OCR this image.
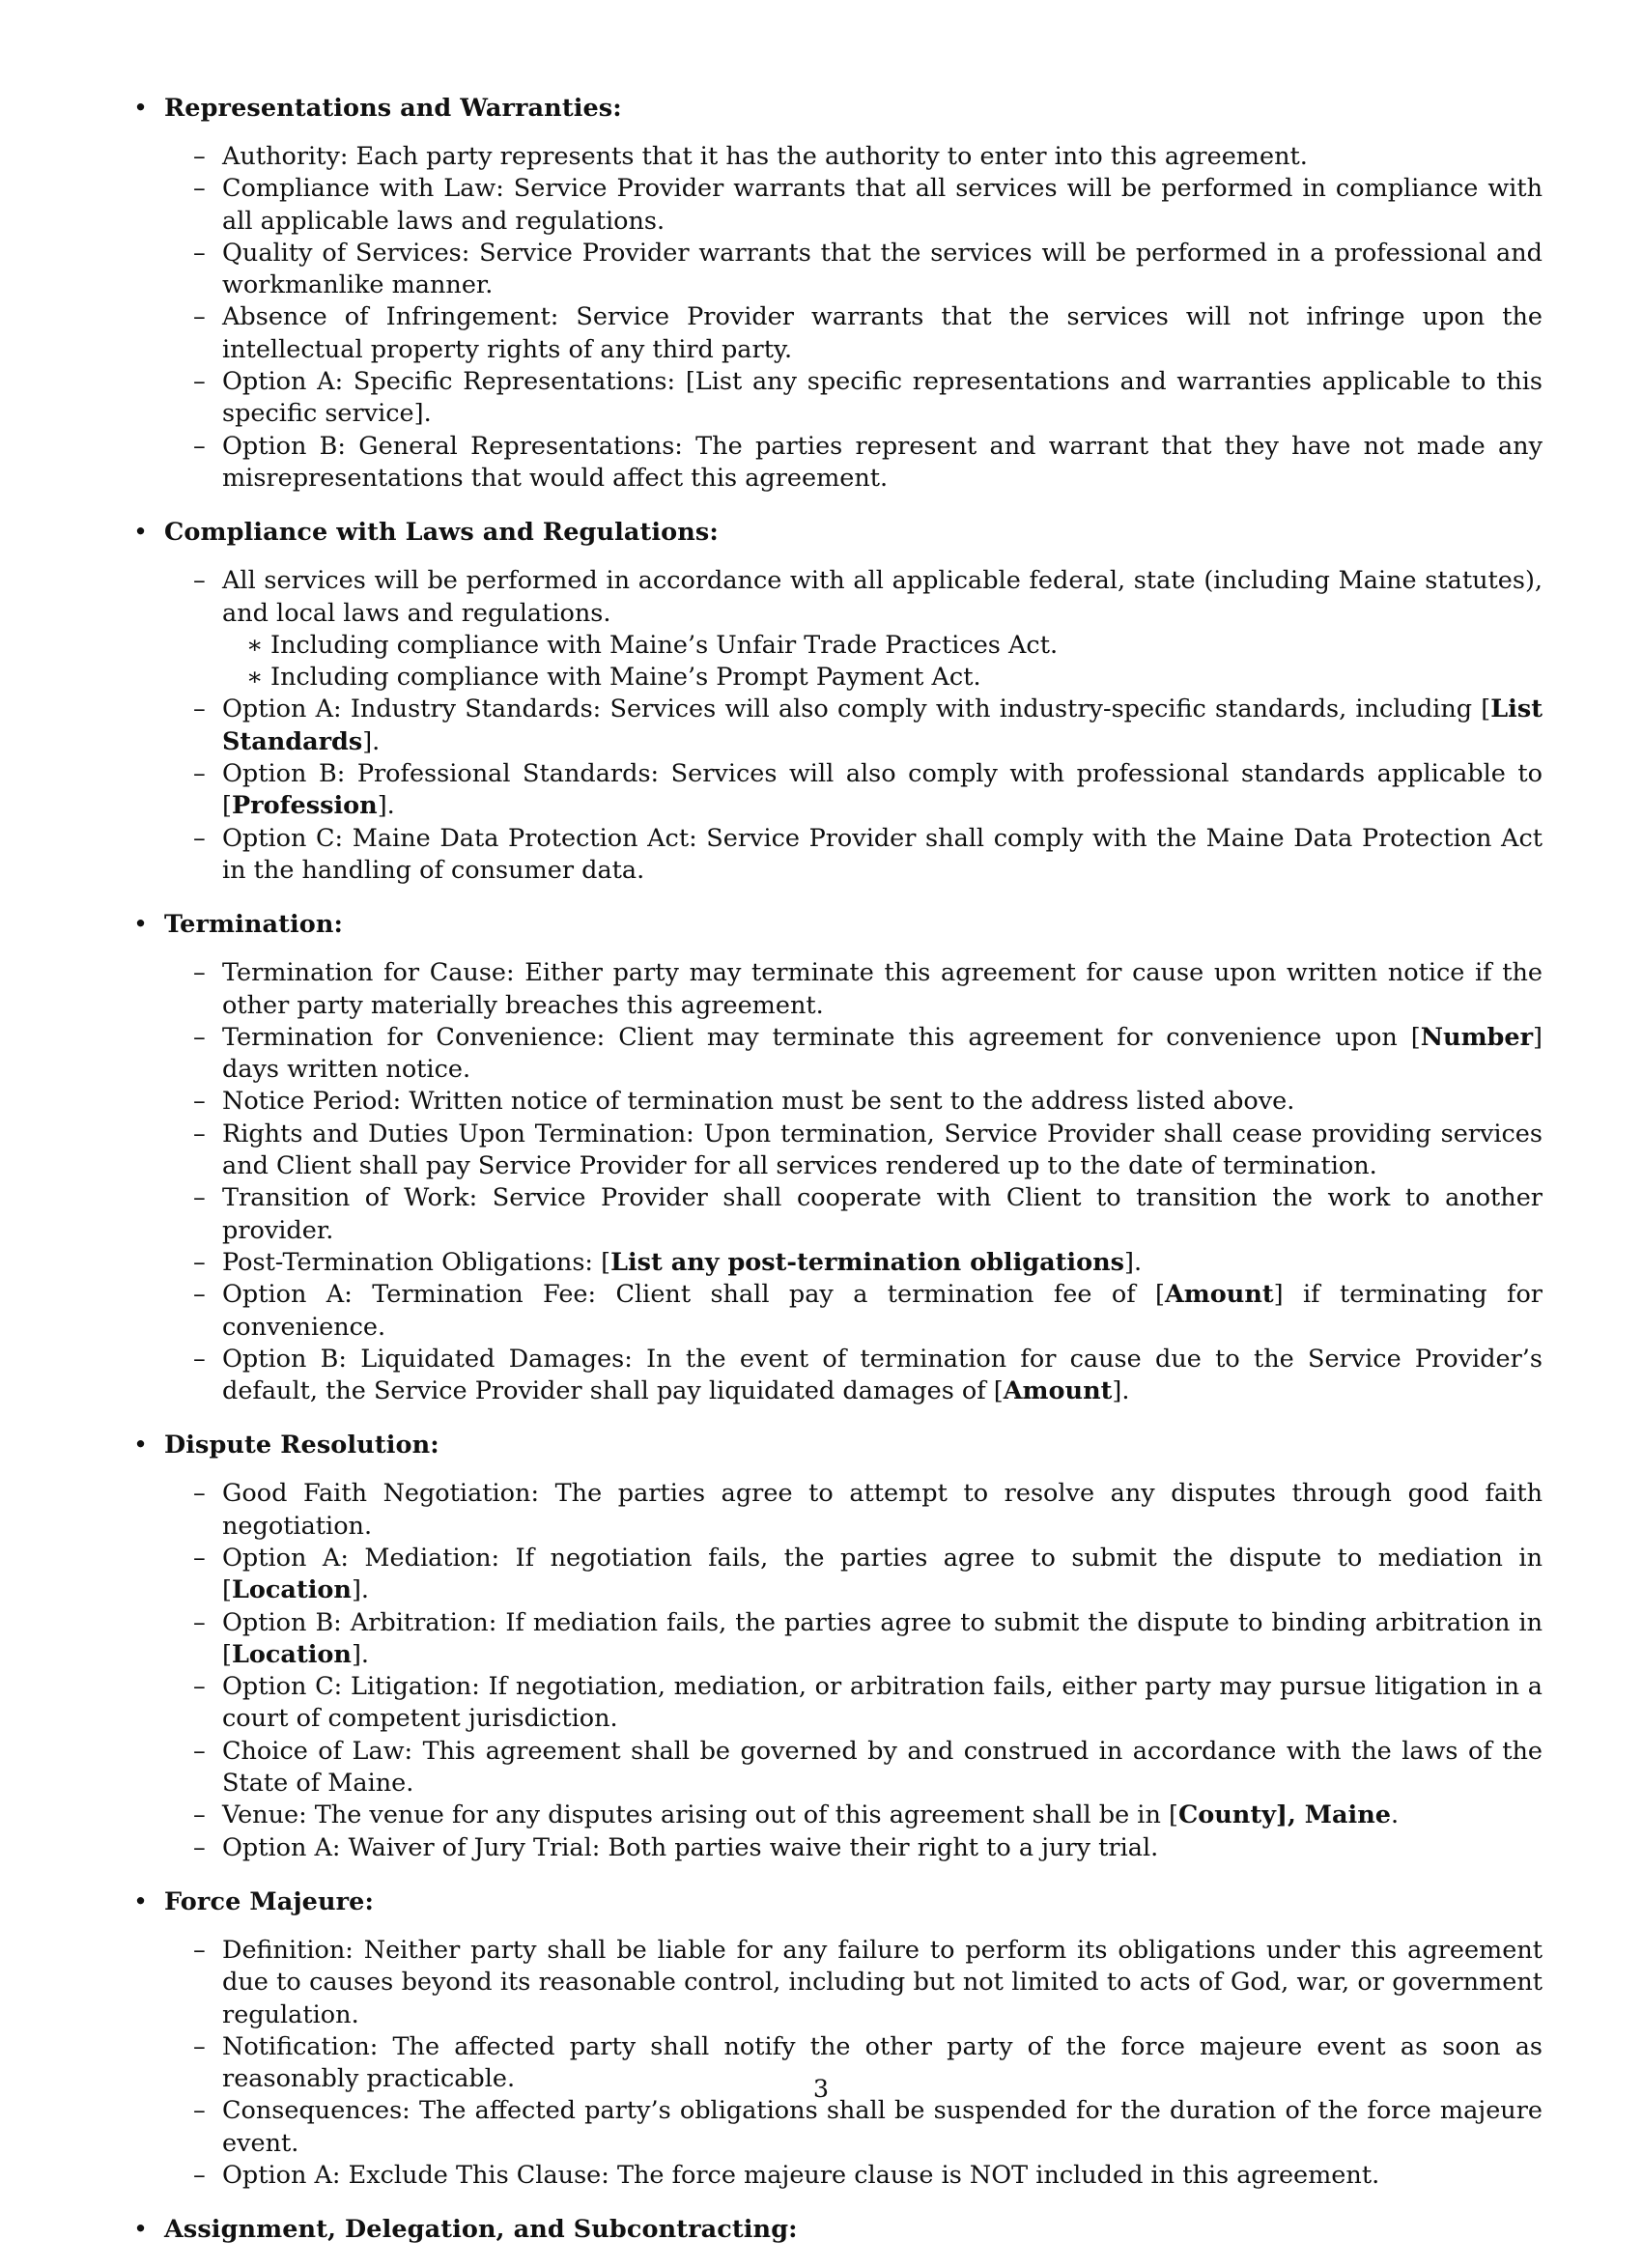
• Representations and Warranties:
– Authority: Each party represents that it has the authority to enter into this agreement.
– Compliance with Law: Service Provider warrants that all services will be performed in compliance with all applicable laws and regulations.
– Quality of Services: Service Provider warrants that the services will be performed in a professional and workmanlike manner.
– Absence of Infringement: Service Provider warrants that the services will not infringe upon the intellectual property rights of any third party.
– Option A: Specific Representations: [List any specific representations and warranties applicable to this specific service].
– Option B: General Representations: The parties represent and warrant that they have not made any misrepresentations that would affect this agreement.
• Compliance with Laws and Regulations:
– All services will be performed in accordance with all applicable federal, state (including Maine statutes), and local laws and regulations.
∗ Including compliance with Maine’s Unfair Trade Practices Act.
∗ Including compliance with Maine’s Prompt Payment Act.
– Option A: Industry Standards: Services will also comply with industry-specific standards, including [List Standards].
– Option B: Professional Standards: Services will also comply with professional standards applicable to [Profession].
– Option C: Maine Data Protection Act: Service Provider shall comply with the Maine Data Protection Act in the handling of consumer data.
• Termination:
– Termination for Cause: Either party may terminate this agreement for cause upon written notice if the other party materially breaches this agreement.
– Termination for Convenience: Client may terminate this agreement for convenience upon [Number] days written notice.
– Notice Period: Written notice of termination must be sent to the address listed above.
– Rights and Duties Upon Termination: Upon termination, Service Provider shall cease providing services and Client shall pay Service Provider for all services rendered up to the date of termination.
– Transition of Work: Service Provider shall cooperate with Client to transition the work to another provider.
– Post-Termination Obligations: [List any post-termination obligations].
– Option A: Termination Fee: Client shall pay a termination fee of [Amount] if terminating for convenience.
– Option B: Liquidated Damages: In the event of termination for cause due to the Service Provider’s default, the Service Provider shall pay liquidated damages of [Amount].
• Dispute Resolution:
– Good Faith Negotiation: The parties agree to attempt to resolve any disputes through good faith negotiation.
– Option A: Mediation: If negotiation fails, the parties agree to submit the dispute to mediation in [Location].
– Option B: Arbitration: If mediation fails, the parties agree to submit the dispute to binding arbitration in [Location].
– Option C: Litigation: If negotiation, mediation, or arbitration fails, either party may pursue litigation in a court of competent jurisdiction.
– Choice of Law: This agreement shall be governed by and construed in accordance with the laws of the State of Maine.
– Venue: The venue for any disputes arising out of this agreement shall be in [County], Maine.
– Option A: Waiver of Jury Trial: Both parties waive their right to a jury trial.
• Force Majeure:
– Definition: Neither party shall be liable for any failure to perform its obligations under this agreement due to causes beyond its reasonable control, including but not limited to acts of God, war, or government regulation.
– Notification: The affected party shall notify the other party of the force majeure event as soon as reasonably practicable.
– Consequences: The affected party’s obligations shall be suspended for the duration of the force majeure event.
– Option A: Exclude This Clause: The force majeure clause is NOT included in this agreement.
• Assignment, Delegation, and Subcontracting:
3
